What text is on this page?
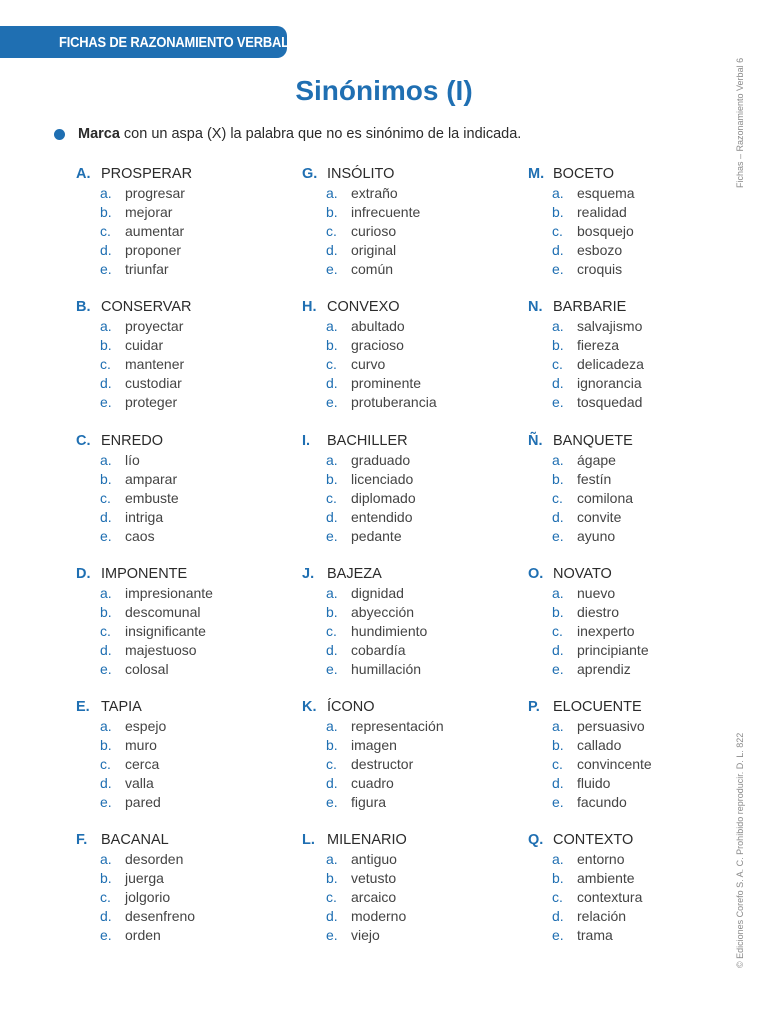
FICHAS DE RAZONAMIENTO VERBAL
Sinónimos (I)
Marca con un aspa (X) la palabra que no es sinónimo de la indicada.
A. PROSPERAR
a. progresar
b. mejorar
c.	aumentar
d. proponer
e. triunfar
G. INSÓLITO
a. extraño
b. infrecuente
c.	curioso
d. original
e. común
M. BOCETO
a. esquema
b. realidad
c.	bosquejo
d. esbozo
e. croquis
B. CONSERVAR
a. proyectar
b. cuidar
c.	mantener
d. custodiar
e. proteger
H. CONVEXO
a. abultado
b. gracioso
c.	curvo
d. prominente
e. protuberancia
N. BARBARIE
a. salvajismo
b. fiereza
c.	delicadeza
d. ignorancia
e. tosquedad
C. ENREDO
a. lío
b. amparar
c.	embuste
d. intriga
e. caos
I.	BACHILLER
a. graduado
b. licenciado
c.	diplomado
d. entendido
e. pedante
Ñ. BANQUETE
a. ágape
b. festín
c.	comilona
d. convite
e. ayuno
D. IMPONENTE
a. impresionante
b. descomunal
c.	insignificante
d. majestuoso
e. colosal
J. BAJEZA
a. dignidad
b. abyección
c.	hundimiento
d. cobardía
e. humillación
O. NOVATO
a. nuevo
b. diestro
c.	inexperto
d. principiante
e. aprendiz
E. TAPIA
a. espejo
b. muro
c.	cerca
d. valla
e. pared
K. ÍCONO
a. representación
b. imagen
c.	destructor
d. cuadro
e. figura
P. ELOCUENTE
a. persuasivo
b. callado
c.	convincente
d. fluido
e. facundo
F. BACANAL
a. desorden
b. juerga
c.	jolgorio
d. desenfreno
e. orden
L. MILENARIO
a. antiguo
b. vetusto
c.	arcaico
d. moderno
e. viejo
Q. CONTEXTO
a. entorno
b. ambiente
c.	contextura
d. relación
e. trama
Fichas – Razonamiento Verbal 6
© Ediciones Corefo S. A. C. Prohibido reproducir. D. L. 822
